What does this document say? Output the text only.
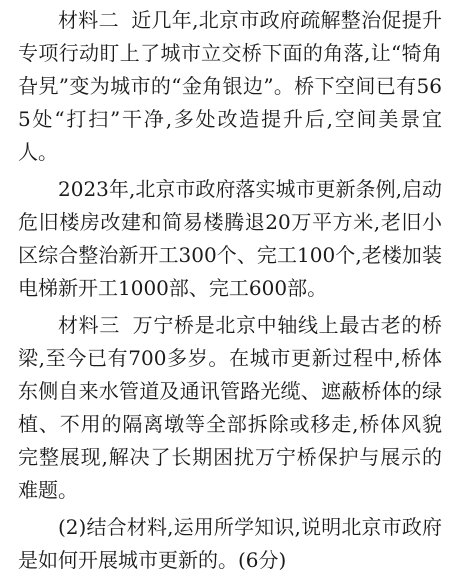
材料二 近几年,北京市政府疏解整治促提升专项行动盯上了城市立交桥下面的角落,让“犄角旮旯”变为城市的“金角银边”。桥下空间已有565处“打扫”干净,多处改造提升后,空间美景宜人。

2023年,北京市政府落实城市更新条例,启动危旧楼房改建和简易楼腾退20万平方米,老旧小区综合整治新开工300个、完工100个,老楼加装电梯新开工1000部、完工600部。

材料三 万宁桥是北京中轴线上最古老的桥梁,至今已有700多岁。在城市更新过程中,桥体东侧自来水管道及通讯管路光缆、遮蔽桥体的绿植、不用的隔离墩等全部拆除或移走,桥体风貌完整展现,解决了长期困扰万宁桥保护与展示的难题。

(2)结合材料,运用所学知识,说明北京市政府是如何开展城市更新的。(6分)
